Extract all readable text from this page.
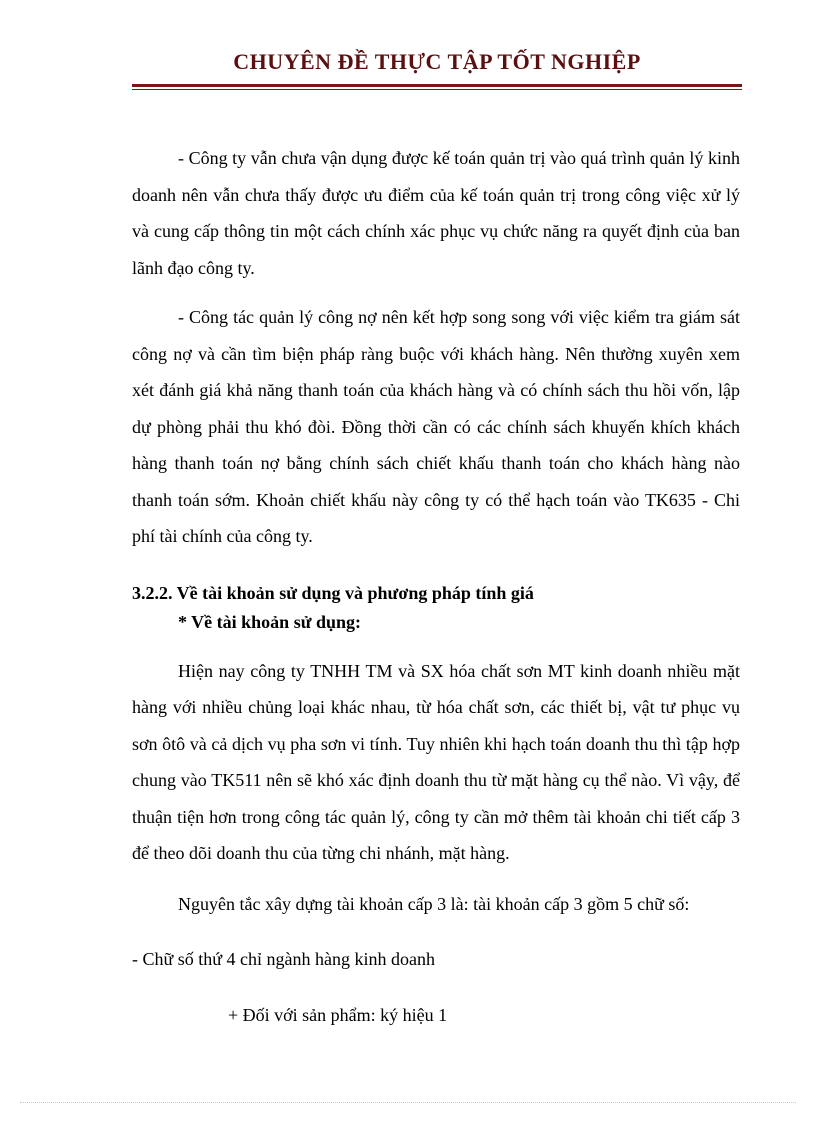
CHUYÊN ĐỀ THỰC TẬP TỐT NGHIỆP

- Công ty vẫn chưa vận dụng được kế toán quản trị vào quá trình quản lý kinh doanh nên vẫn chưa thấy được ưu điểm của kế toán quản trị trong công việc xử lý và cung cấp thông tin một cách chính xác phục vụ chức năng ra quyết định của ban lãnh đạo công ty.

- Công tác quản lý công nợ nên kết hợp song song với việc kiểm tra giám sát công nợ và cần tìm biện pháp ràng buộc với khách hàng. Nên thường xuyên xem xét đánh giá khả năng thanh toán của khách hàng và có chính sách thu hồi vốn, lập dự phòng phải thu khó đòi. Đồng thời cần có các chính sách khuyến khích khách hàng thanh toán nợ bằng chính sách chiết khấu thanh toán cho khách hàng nào thanh toán sớm. Khoản chiết khấu này công ty có thể hạch toán vào TK635 - Chi phí tài chính của công ty.

3.2.2. Về tài khoản sử dụng và phương pháp tính giá

* Về tài khoản sử dụng:

Hiện nay công ty TNHH TM và SX hóa chất sơn MT kinh doanh nhiều mặt hàng với nhiều chủng loại khác nhau, từ hóa chất sơn, các thiết bị, vật tư phục vụ sơn ôtô và cả dịch vụ pha sơn vi tính. Tuy nhiên khi hạch toán doanh thu thì tập hợp chung vào TK511 nên sẽ khó xác định doanh thu từ mặt hàng cụ thể nào. Vì vậy, để thuận tiện hơn trong công tác quản lý, công ty cần mở thêm tài khoản chi tiết cấp 3 để theo dõi doanh thu của từng chi nhánh, mặt hàng.

Nguyên tắc xây dựng tài khoản cấp 3 là: tài khoản cấp 3 gồm 5 chữ số:

- Chữ số thứ 4 chỉ ngành hàng kinh doanh

+ Đối với sản phẩm: ký hiệu 1
